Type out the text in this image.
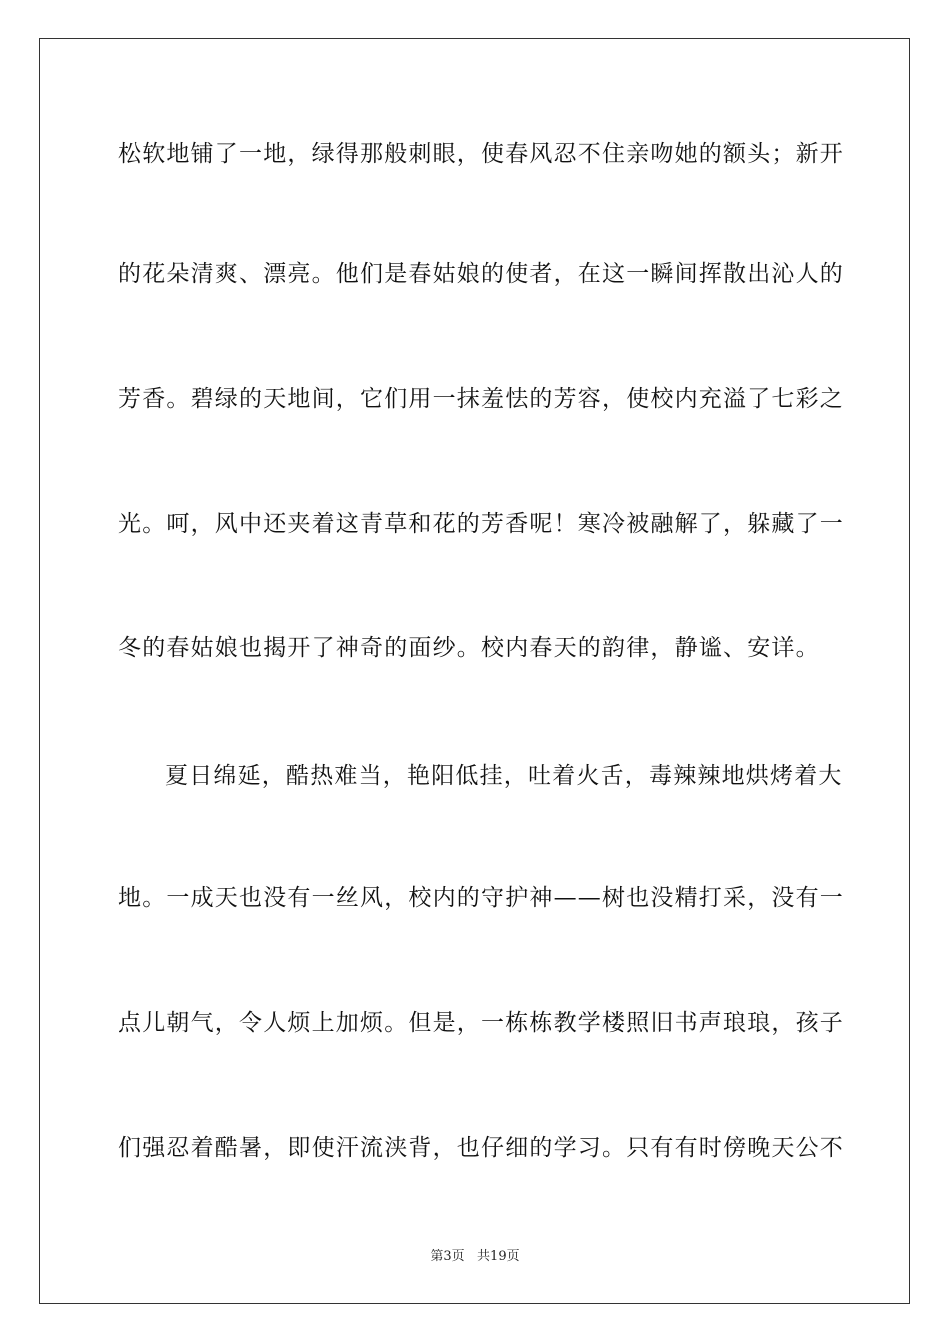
松软地铺了一地，绿得那般刺眼，使春风忍不住亲吻她的额头；新开
的花朵清爽、漂亮。他们是春姑娘的使者，在这一瞬间挥散出沁人的
芳香。碧绿的天地间，它们用一抹羞怯的芳容，使校内充溢了七彩之
光。呵，风中还夹着这青草和花的芳香呢！寒冷被融解了，躲藏了一
冬的春姑娘也揭开了神奇的面纱。校内春天的韵律，静谧、安详。
夏日绵延，酷热难当，艳阳低挂，吐着火舌，毒辣辣地烘烤着大
地。一成天也没有一丝风，校内的守护神——树也没精打采，没有一
点儿朝气，令人烦上加烦。但是，一栋栋教学楼照旧书声琅琅，孩子
们强忍着酷暑，即使汗流浃背，也仔细的学习。只有有时傍晚天公不
第3页   共19页
